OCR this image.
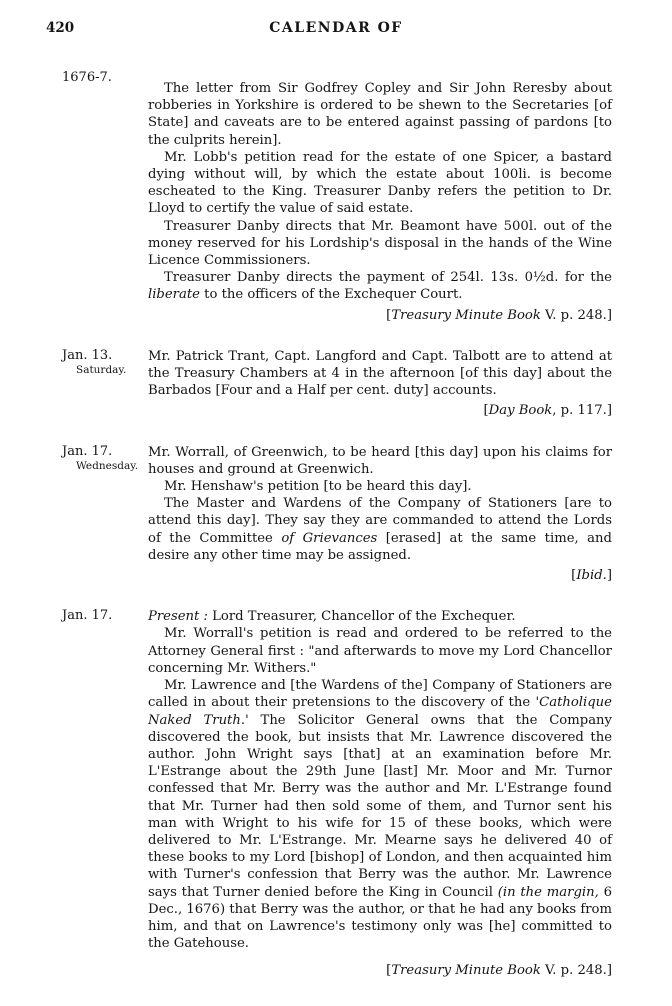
420	CALENDAR OF
1676-7.

The letter from Sir Godfrey Copley and Sir John Reresby about robberies in Yorkshire is ordered to be shewn to the Secretaries [of State] and caveats are to be entered against passing of pardons [to the culprits herein].

Mr. Lobb's petition read for the estate of one Spicer, a bastard dying without will, by which the estate about 100li. is become escheated to the King. Treasurer Danby refers the petition to Dr. Lloyd to certify the value of said estate.

Treasurer Danby directs that Mr. Beamont have 500l. out of the money reserved for his Lordship's disposal in the hands of the Wine Licence Commissioners.

Treasurer Danby directs the payment of 254l. 13s. 0½d. for the liberate to the officers of the Exchequer Court.

[Treasury Minute Book V. p. 248.]
Jan. 13.
Saturday.

Mr. Patrick Trant, Capt. Langford and Capt. Talbott are to attend at the Treasury Chambers at 4 in the afternoon [of this day] about the Barbados [Four and a Half per cent. duty] accounts.

[Day Book, p. 117.]
Jan. 17.
Wednesday.

Mr. Worrall, of Greenwich, to be heard [this day] upon his claims for houses and ground at Greenwich.

Mr. Henshaw's petition [to be heard this day].

The Master and Wardens of the Company of Stationers [are to attend this day]. They say they are commanded to attend the Lords of the Committee of Grievances [erased] at the same time, and desire any other time may be assigned.

[Ibid.]
Jan. 17.	Present : Lord Treasurer, Chancellor of the Exchequer.

Mr. Worrall's petition is read and ordered to be referred to the Attorney General first : "and afterwards to move my Lord Chancellor concerning Mr. Withers."

Mr. Lawrence and [the Wardens of the] Company of Stationers are called in about their pretensions to the discovery of the 'Catholique Naked Truth.' The Solicitor General owns that the Company discovered the book, but insists that Mr. Lawrence discovered the author. John Wright says [that] at an examination before Mr. L'Estrange about the 29th June [last] Mr. Moor and Mr. Turnor confessed that Mr. Berry was the author and Mr. L'Estrange found that Mr. Turner had then sold some of them, and Turnor sent his man with Wright to his wife for 15 of these books, which were delivered to Mr. L'Estrange. Mr. Mearne says he delivered 40 of these books to my Lord [bishop] of London, and then acquainted him with Turner's confession that Berry was the author. Mr. Lawrence says that Turner denied before the King in Council (in the margin, 6 Dec., 1676) that Berry was the author, or that he had any books from him, and that on Lawrence's testimony only was [he] committed to the Gatehouse.

[Treasury Minute Book V. p. 248.]
